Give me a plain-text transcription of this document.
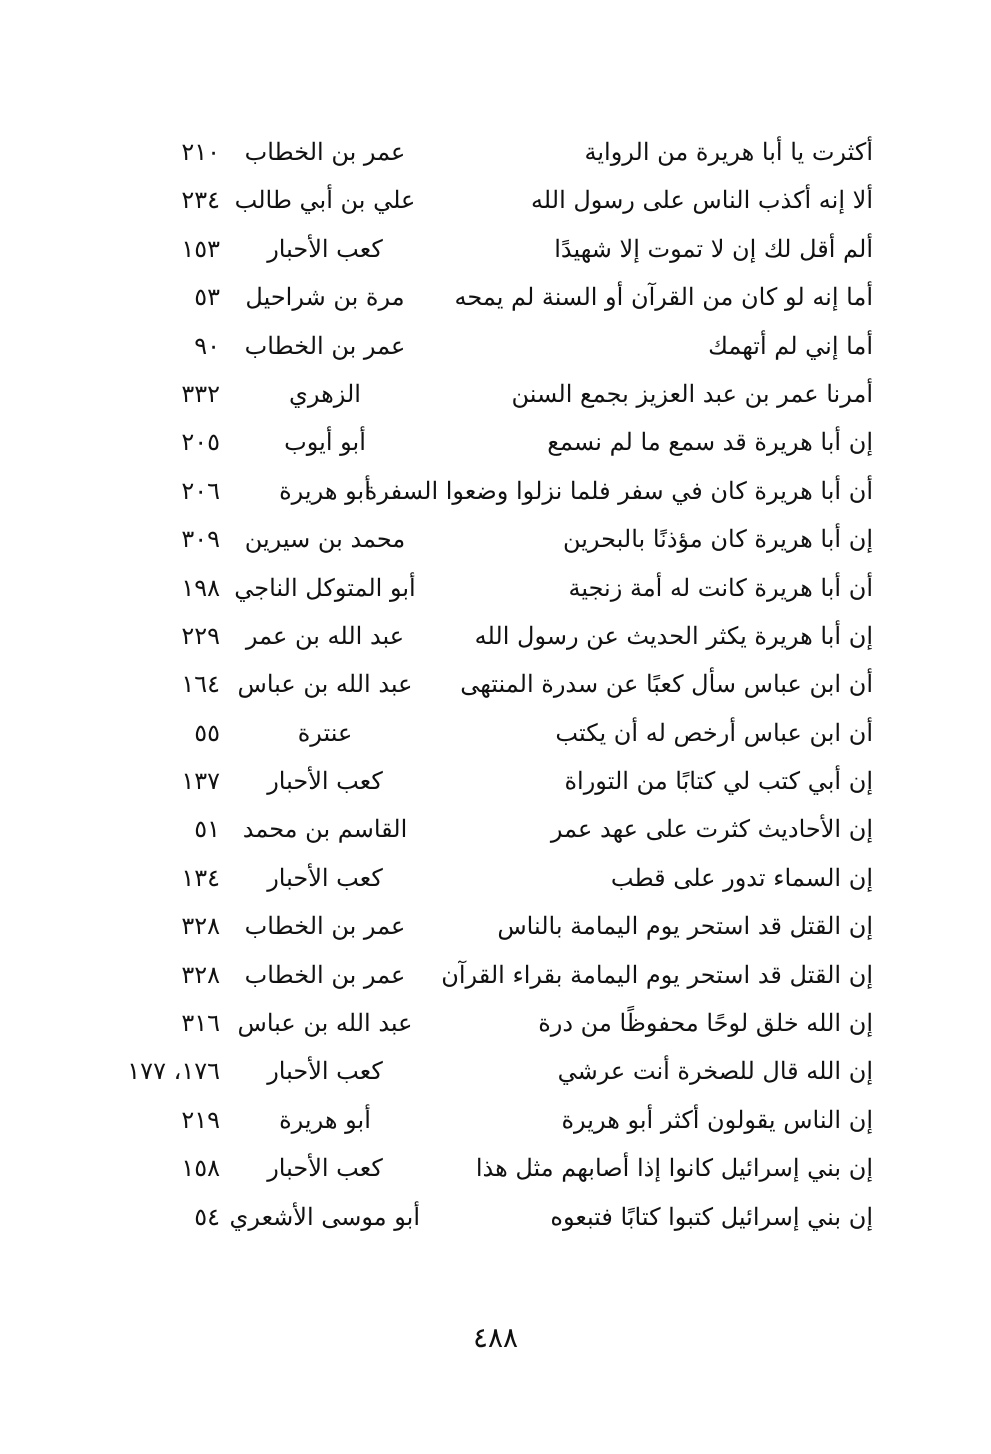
أكثرت يا أبا هريرة من الرواية
عمر بن الخطاب
٢١٠
ألا إنه أكذب الناس على رسول الله
علي بن أبي طالب
٢٣٤
ألم أقل لك إن لا تموت إلا شهيدًا
كعب الأحبار
١٥٣
أما إنه لو كان من القرآن أو السنة لم يمحه
مرة بن شراحيل
٥٣
أما إني لم أتهمك
عمر بن الخطاب
٩٠
أمرنا عمر بن عبد العزيز بجمع السنن
الزهري
٣٣٢
إن أبا هريرة قد سمع ما لم نسمع
أبو أيوب
٢٠٥
أن أبا هريرة كان في سفر فلما نزلوا وضعوا السفرة
أبو هريرة
٢٠٦
إن أبا هريرة كان مؤذنًا بالبحرين
محمد بن سيرين
٣٠٩
أن أبا هريرة كانت له أمة زنجية
أبو المتوكل الناجي
١٩٨
إن أبا هريرة يكثر الحديث عن رسول الله
عبد الله بن عمر
٢٢٩
أن ابن عباس سأل كعبًا عن سدرة المنتهى
عبد الله بن عباس
١٦٤
أن ابن عباس أرخص له أن يكتب
عنترة
٥٥
إن أبي كتب لي كتابًا من التوراة
كعب الأحبار
١٣٧
إن الأحاديث كثرت على عهد عمر
القاسم بن محمد
٥١
إن السماء تدور على قطب
كعب الأحبار
١٣٤
إن القتل قد استحر يوم اليمامة بالناس
عمر بن الخطاب
٣٢٨
إن القتل قد استحر يوم اليمامة بقراء القرآن
عمر بن الخطاب
٣٢٨
إن الله خلق لوحًا محفوظًا من درة
عبد الله بن عباس
٣١٦
إن الله قال للصخرة أنت عرشي
كعب الأحبار
١٧٦، ١٧٧
إن الناس يقولون أكثر أبو هريرة
أبو هريرة
٢١٩
إن بني إسرائيل كانوا إذا أصابهم مثل هذا
كعب الأحبار
١٥٨
إن بني إسرائيل كتبوا كتابًا فتبعوه
أبو موسى الأشعري
٥٤
٤٨٨
